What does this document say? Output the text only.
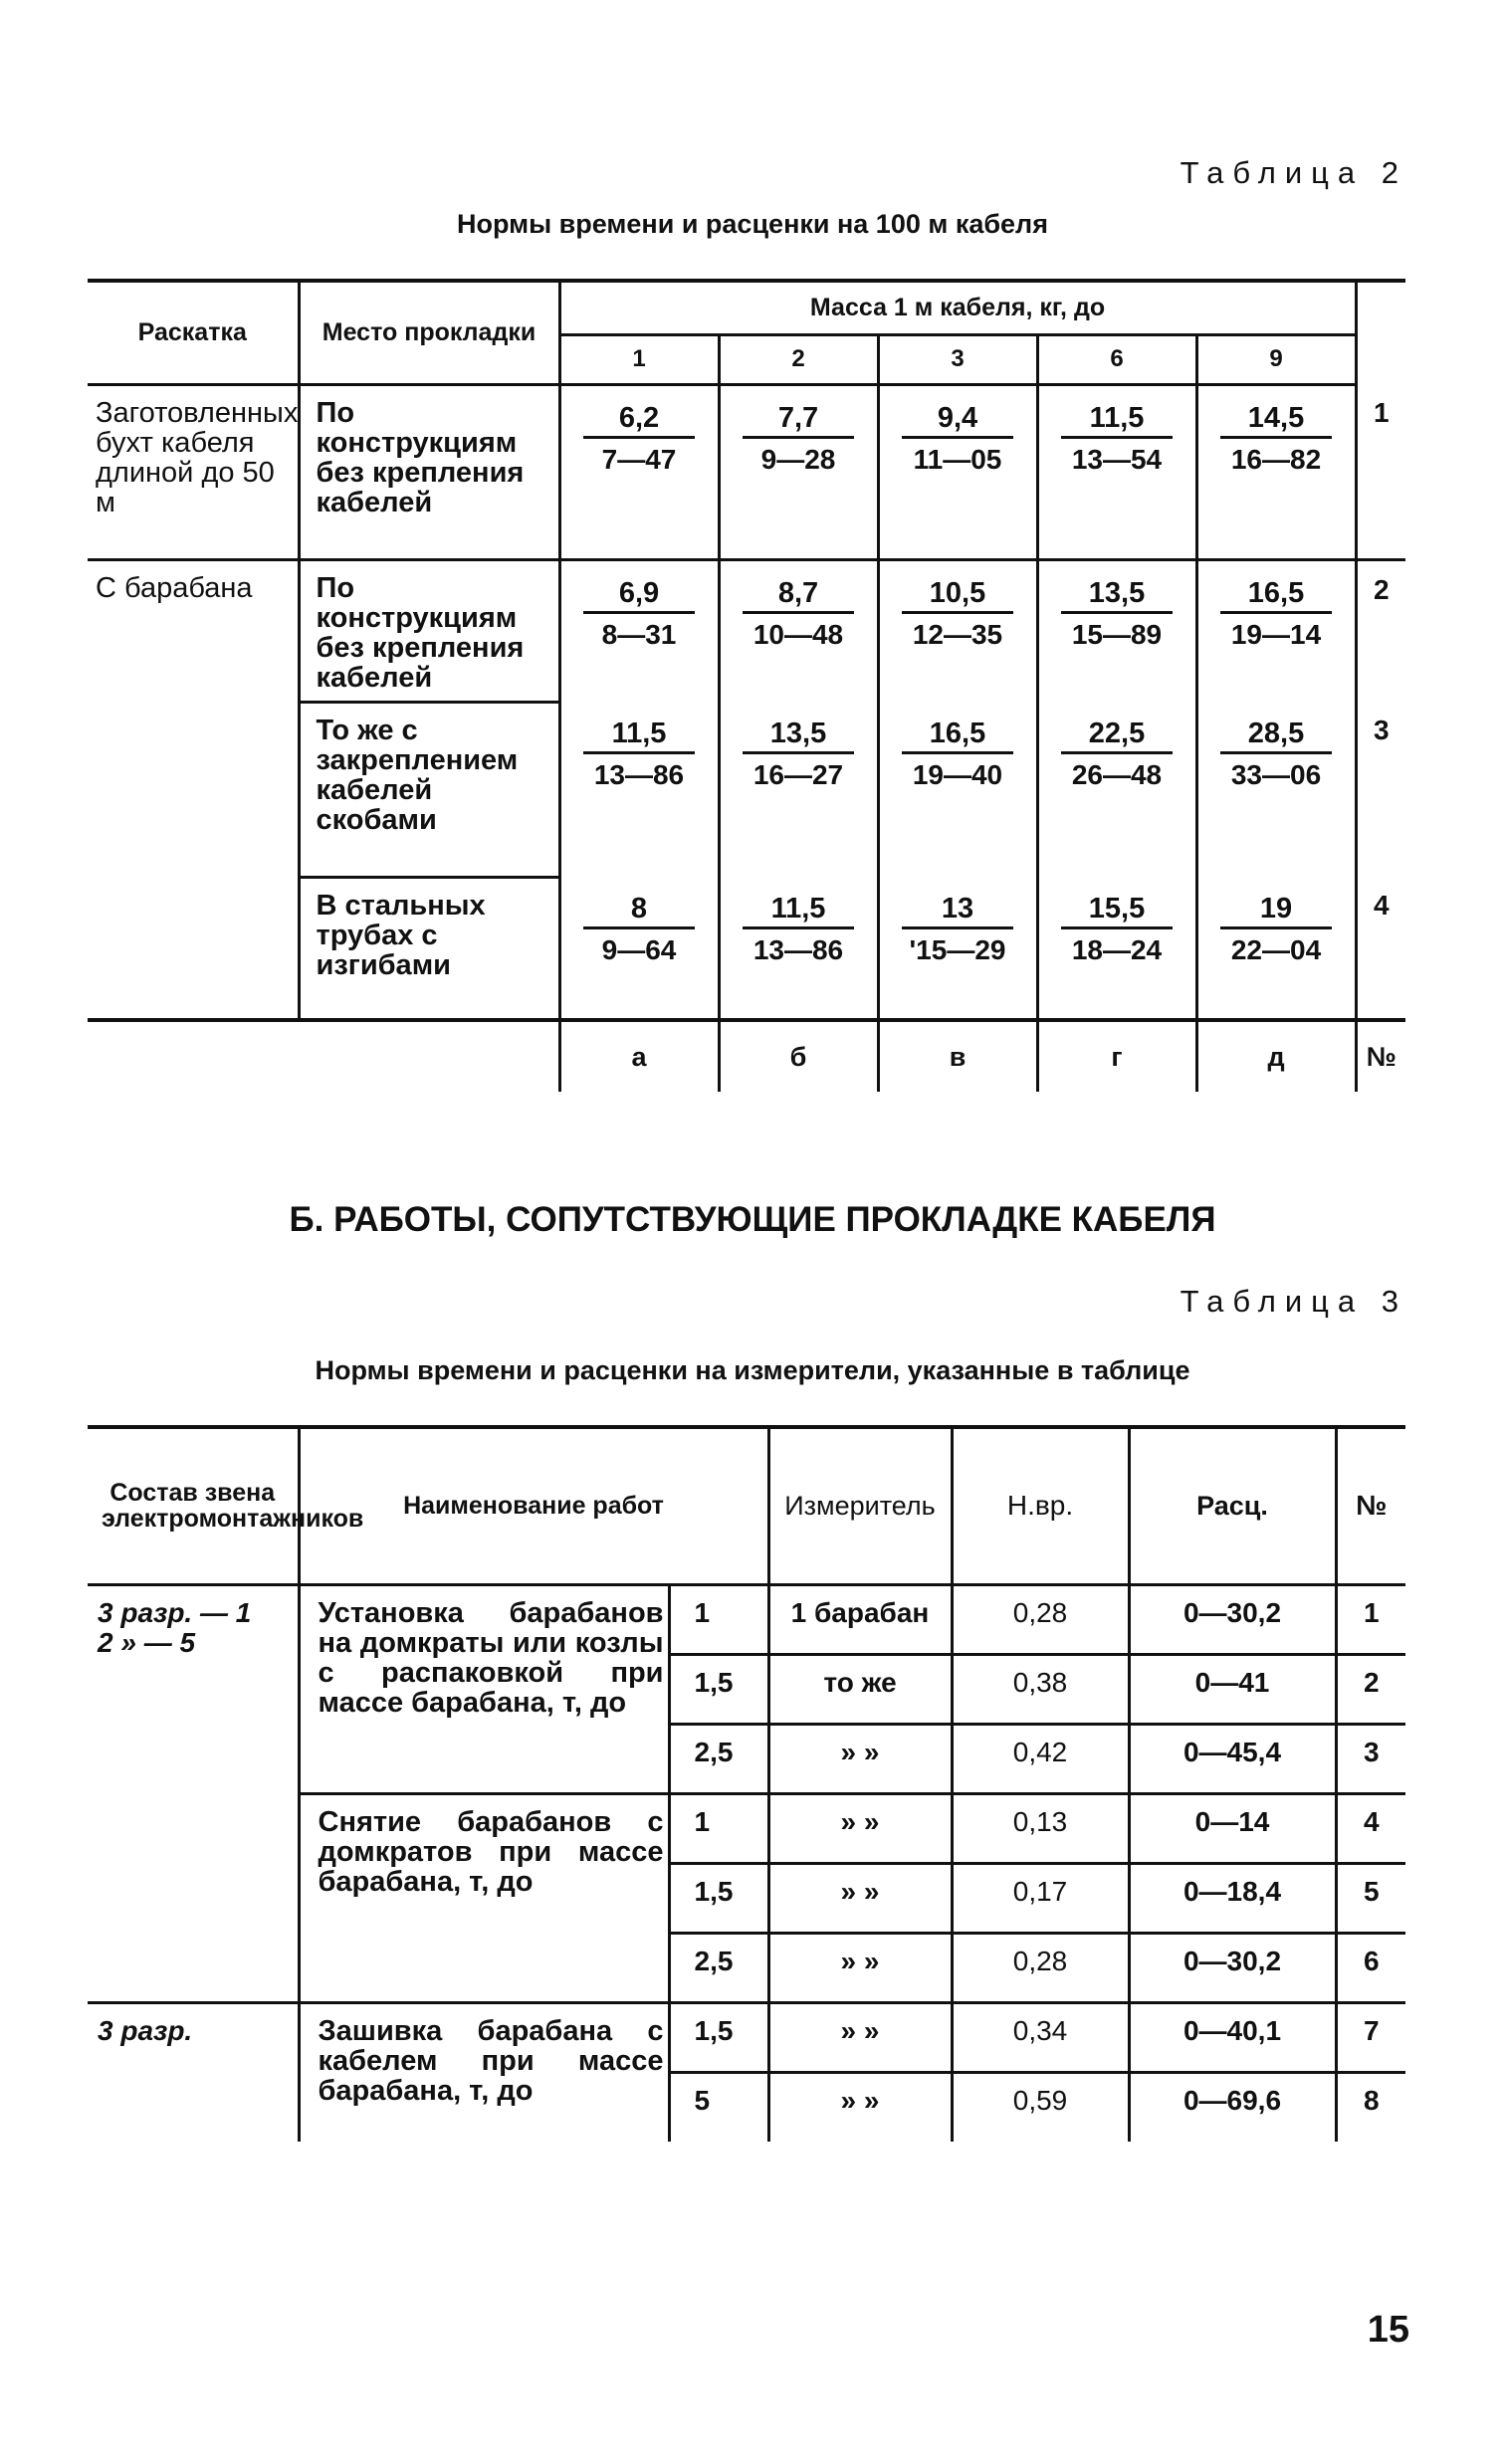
Таблица 2
Нормы времени и расценки на 100 м кабеля
Раскатка	Место прокладки	Масса 1 м кабеля, кг, до					
		1	2	3	6	9	
Заготовленных бухт кабеля длиной до 50 м	По конструкциям без крепления кабелей	$\frac{6,2}{7—47}$	$\frac{7,7}{9—28}$	$\frac{9,4}{11—05}$	$\frac{11,5}{13—54}$	$\frac{14,5}{16—82}$	1
С барабана	По конструкциям без крепления кабелей	$\frac{6,9}{8—31}$	$\frac{8,7}{10—48}$	$\frac{10,5}{12—35}$	$\frac{13,5}{15—89}$	$\frac{16,5}{19—14}$	2
	То же с закреплением кабелей скобами	$\frac{11,5}{13—86}$	$\frac{13,5}{16—27}$	$\frac{16,5}{19—40}$	$\frac{22,5}{26—48}$	$\frac{28,5}{33—06}$	3
	В стальных трубах с изгибами	$\frac{8}{9—64}$	$\frac{11,5}{13—86}$	$\frac{13}{'15—29}$	$\frac{15,5}{18—24}$	$\frac{19}{22—04}$	4
		а	б	в	г	д	№
Б. РАБОТЫ, СОПУТСТВУЮЩИЕ ПРОКЛАДКЕ КАБЕЛЯ
Таблица 3
Нормы времени и расценки на измерители, указанные в таблице
Состав звена электромонтажников	Наименование работ		Измеритель	Н.вр.	Расц.	№
3 разр. — 1
2 » — 5	Установка барабанов на домкраты или козлы с распаковкой при массе барабана, т, до	1	1 барабан	0,28	0—30,2	1
		1,5	то же	0,38	0—41	2
		2,5	» »	0,42	0—45,4	3
	Снятие барабанов с домкратов при массе барабана, т, до	1	» »	0,13	0—14	4
		1,5	» »	0,17	0—18,4	5
		2,5	» »	0,28	0—30,2	6
3 разр.	Зашивка барабана с кабелем при массе барабана, т, до	1,5	» »	0,34	0—40,1	7
		5	» »	0,59	0—69,6	8
15
